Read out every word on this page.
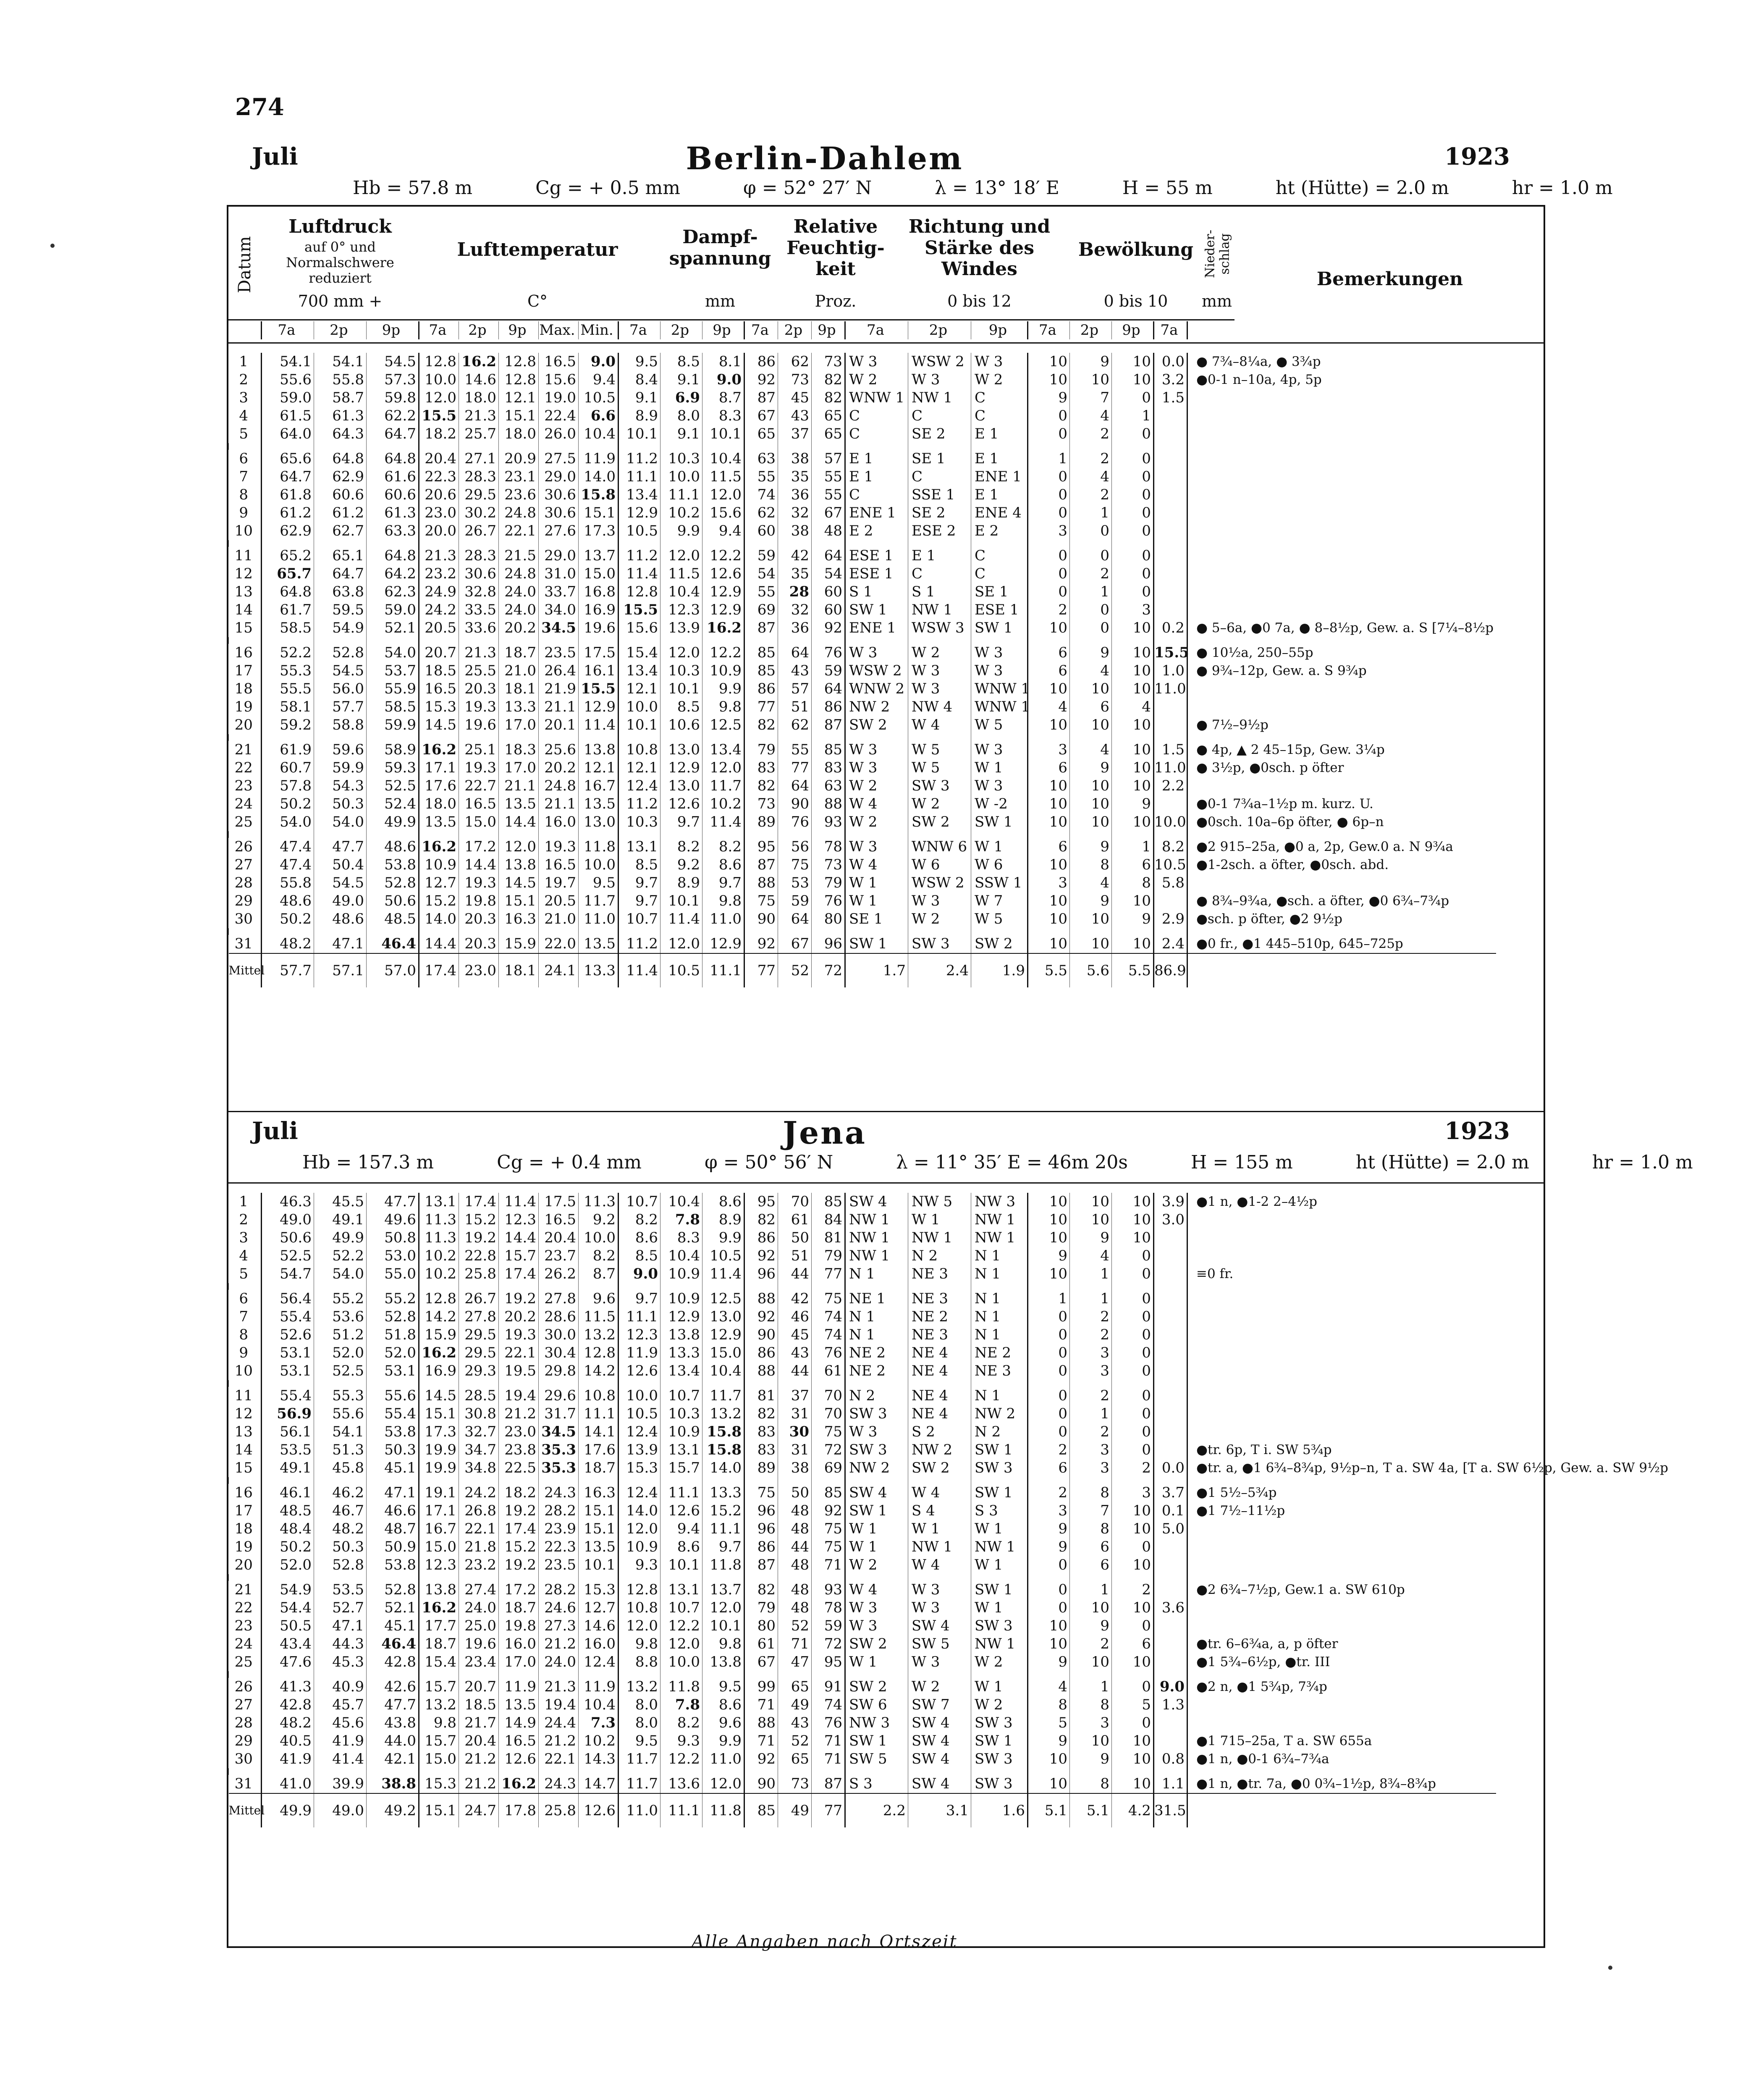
274
Juli	Berlin-Dahlem	1923
Hb = 57.8 m	Cg = + 0.5 mm	φ = 52° 27′ N	λ = 13° 18′ E	H = 55 m	ht (Hütte) = 2.0 m	hr = 1.0 m
Datum
Luftdruck
auf 0° und Normalschwere reduziert
700 mm +
Lufttemperatur
C°
Dampf-spannung
mm
Relative Feuchtig-keit
Proz.
Richtung und Stärke des Windes
0 bis 12
Bewölkung
0 bis 10
Nieder-schlag
mm
Bemerkungen
	7a	2p	9p	7a	2p	9p	Max.	Min.	7a	2p	9p	7a	2p	9p	7a	2p	9p	7a	2p	9p	7a	
1	54.1	54.1	54.5	12.8	16.2	12.8	16.5	9.0	9.5	8.5	8.1	86	62	73	W 3	WSW 2	W 3	10	9	10	0.0	● 7¾–8¼a, ● 3¾p
2	55.6	55.8	57.3	10.0	14.6	12.8	15.6	9.4	8.4	9.1	9.0	92	73	82	W 2	W 3	W 2	10	10	10	3.2	●0-1 n–10a, 4p, 5p
3	59.0	58.7	59.8	12.0	18.0	12.1	19.0	10.5	9.1	6.9	8.7	87	45	82	WNW 1	NW 1	C	9	7	0	1.5	
4	61.5	61.3	62.2	15.5	21.3	15.1	22.4	6.6	8.9	8.0	8.3	67	43	65	C	C	C	0	4	1		
5	64.0	64.3	64.7	18.2	25.7	18.0	26.0	10.4	10.1	9.1	10.1	65	37	65	C	SE 2	E 1	0	2	0		

6	65.6	64.8	64.8	20.4	27.1	20.9	27.5	11.9	11.2	10.3	10.4	63	38	57	E 1	SE 1	E 1	1	2	0		
7	64.7	62.9	61.6	22.3	28.3	23.1	29.0	14.0	11.1	10.0	11.5	55	35	55	E 1	C	ENE 1	0	4	0		
8	61.8	60.6	60.6	20.6	29.5	23.6	30.6	15.8	13.4	11.1	12.0	74	36	55	C	SSE 1	E 1	0	2	0		
9	61.2	61.2	61.3	23.0	30.2	24.8	30.6	15.1	12.9	10.2	15.6	62	32	67	ENE 1	SE 2	ENE 4	0	1	0		
10	62.9	62.7	63.3	20.0	26.7	22.1	27.6	17.3	10.5	9.9	9.4	60	38	48	E 2	ESE 2	E 2	3	0	0		

11	65.2	65.1	64.8	21.3	28.3	21.5	29.0	13.7	11.2	12.0	12.2	59	42	64	ESE 1	E 1	C	0	0	0		
12	65.7	64.7	64.2	23.2	30.6	24.8	31.0	15.0	11.4	11.5	12.6	54	35	54	ESE 1	C	C	0	2	0		
13	64.8	63.8	62.3	24.9	32.8	24.0	33.7	16.8	12.8	10.4	12.9	55	28	60	S 1	S 1	SE 1	0	1	0		
14	61.7	59.5	59.0	24.2	33.5	24.0	34.0	16.9	15.5	12.3	12.9	69	32	60	SW 1	NW 1	ESE 1	2	0	3		
15	58.5	54.9	52.1	20.5	33.6	20.2	34.5	19.6	15.6	13.9	16.2	87	36	92	ENE 1	WSW 3	SW 1	10	0	10	0.2	● 5–6a, ●0 7a, ● 8–8½p, Gew. a. S [7¼–8½p

16	52.2	52.8	54.0	20.7	21.3	18.7	23.5	17.5	15.4	12.0	12.2	85	64	76	W 3	W 2	W 3	6	9	10	15.5	● 10½a, 250–55p
17	55.3	54.5	53.7	18.5	25.5	21.0	26.4	16.1	13.4	10.3	10.9	85	43	59	WSW 2	W 3	W 3	6	4	10	1.0	● 9¾–12p, Gew. a. S 9¾p
18	55.5	56.0	55.9	16.5	20.3	18.1	21.9	15.5	12.1	10.1	9.9	86	57	64	WNW 2	W 3	WNW 1	10	10	10	11.0	
19	58.1	57.7	58.5	15.3	19.3	13.3	21.1	12.9	10.0	8.5	9.8	77	51	86	NW 2	NW 4	WNW 1	4	6	4		
20	59.2	58.8	59.9	14.5	19.6	17.0	20.1	11.4	10.1	10.6	12.5	82	62	87	SW 2	W 4	W 5	10	10	10		● 7½–9½p

21	61.9	59.6	58.9	16.2	25.1	18.3	25.6	13.8	10.8	13.0	13.4	79	55	85	W 3	W 5	W 3	3	4	10	1.5	● 4p, ▲ 2 45–15p, Gew. 3¼p
22	60.7	59.9	59.3	17.1	19.3	17.0	20.2	12.1	12.1	12.9	12.0	83	77	83	W 3	W 5	W 1	6	9	10	11.0	● 3½p, ●0sch. p öfter
23	57.8	54.3	52.5	17.6	22.7	21.1	24.8	16.7	12.4	13.0	11.7	82	64	63	W 2	SW 3	W 3	10	10	10	2.2	
24	50.2	50.3	52.4	18.0	16.5	13.5	21.1	13.5	11.2	12.6	10.2	73	90	88	W 4	W 2	W -2	10	10	9		●0-1 7¾a–1½p m. kurz. U.
25	54.0	54.0	49.9	13.5	15.0	14.4	16.0	13.0	10.3	9.7	11.4	89	76	93	W 2	SW 2	SW 1	10	10	10	10.0	●0sch. 10a–6p öfter, ● 6p–n

26	47.4	47.7	48.6	16.2	17.2	12.0	19.3	11.8	13.1	8.2	8.2	95	56	78	W 3	WNW 6	W 1	6	9	1	8.2	●2 915–25a, ●0 a, 2p, Gew.0 a. N 9¾a
27	47.4	50.4	53.8	10.9	14.4	13.8	16.5	10.0	8.5	9.2	8.6	87	75	73	W 4	W 6	W 6	10	8	6	10.5	●1-2sch. a öfter, ●0sch. abd.
28	55.8	54.5	52.8	12.7	19.3	14.5	19.7	9.5	9.7	8.9	9.7	88	53	79	W 1	WSW 2	SSW 1	3	4	8	5.8	
29	48.6	49.0	50.6	15.2	19.8	15.1	20.5	11.7	9.7	10.1	9.8	75	59	76	W 1	W 3	W 7	10	9	10		● 8¾–9¾a, ●sch. a öfter, ●0 6¾–7¾p
30	50.2	48.6	48.5	14.0	20.3	16.3	21.0	11.0	10.7	11.4	11.0	90	64	80	SE 1	W 2	W 5	10	10	9	2.9	●sch. p öfter, ●2 9½p

31	48.2	47.1	46.4	14.4	20.3	15.9	22.0	13.5	11.2	12.0	12.9	92	67	96	SW 1	SW 3	SW 2	10	10	10	2.4	●0 fr., ●1 445–510p, 645–725p
Mittel	57.7	57.1	57.0	17.4	23.0	18.1	24.1	13.3	11.4	10.5	11.1	77	52	72	1.7	2.4	1.9	5.5	5.6	5.5	86.9	
Juli	Jena	1923
Hb = 157.3 m	Cg = + 0.4 mm	φ = 50° 56′ N	λ = 11° 35′ E = 46m 20s	H = 155 m	ht (Hütte) = 2.0 m	hr = 1.0 m
1	46.3	45.5	47.7	13.1	17.4	11.4	17.5	11.3	10.7	10.4	8.6	95	70	85	SW 4	NW 5	NW 3	10	10	10	3.9	●1 n, ●1-2 2–4½p
2	49.0	49.1	49.6	11.3	15.2	12.3	16.5	9.2	8.2	7.8	8.9	82	61	84	NW 1	W 1	NW 1	10	10	10	3.0	
3	50.6	49.9	50.8	11.3	19.2	14.4	20.4	10.0	8.6	8.3	9.9	86	50	81	NW 1	NW 1	NW 1	10	9	10		
4	52.5	52.2	53.0	10.2	22.8	15.7	23.7	8.2	8.5	10.4	10.5	92	51	79	NW 1	N 2	N 1	9	4	0		
5	54.7	54.0	55.0	10.2	25.8	17.4	26.2	8.7	9.0	10.9	11.4	96	44	77	N 1	NE 3	N 1	10	1	0		≡0 fr.

6	56.4	55.2	55.2	12.8	26.7	19.2	27.8	9.6	9.7	10.9	12.5	88	42	75	NE 1	NE 3	N 1	1	1	0		
7	55.4	53.6	52.8	14.2	27.8	20.2	28.6	11.5	11.1	12.9	13.0	92	46	74	N 1	NE 2	N 1	0	2	0		
8	52.6	51.2	51.8	15.9	29.5	19.3	30.0	13.2	12.3	13.8	12.9	90	45	74	N 1	NE 3	N 1	0	2	0		
9	53.1	52.0	52.0	16.2	29.5	22.1	30.4	12.8	11.9	13.3	15.0	86	43	76	NE 2	NE 4	NE 2	0	3	0		
10	53.1	52.5	53.1	16.9	29.3	19.5	29.8	14.2	12.6	13.4	10.4	88	44	61	NE 2	NE 4	NE 3	0	3	0		

11	55.4	55.3	55.6	14.5	28.5	19.4	29.6	10.8	10.0	10.7	11.7	81	37	70	N 2	NE 4	N 1	0	2	0		
12	56.9	55.6	55.4	15.1	30.8	21.2	31.7	11.1	10.5	10.3	13.2	82	31	70	SW 3	NE 4	NW 2	0	1	0		
13	56.1	54.1	53.8	17.3	32.7	23.0	34.5	14.1	12.4	10.9	15.8	83	30	75	W 3	S 2	N 2	0	2	0		
14	53.5	51.3	50.3	19.9	34.7	23.8	35.3	17.6	13.9	13.1	15.8	83	31	72	SW 3	NW 2	SW 1	2	3	0		●tr. 6p, T i. SW 5¾p
15	49.1	45.8	45.1	19.9	34.8	22.5	35.3	18.7	15.3	15.7	14.0	89	38	69	NW 2	SW 2	SW 3	6	3	2	0.0	●tr. a, ●1 6¾–8¾p, 9½p–n, T a. SW 4a, [T a. SW 6½p, Gew. a. SW 9½p

16	46.1	46.2	47.1	19.1	24.2	18.2	24.3	16.3	12.4	11.1	13.3	75	50	85	SW 4	W 4	SW 1	2	8	3	3.7	●1 5½–5¾p
17	48.5	46.7	46.6	17.1	26.8	19.2	28.2	15.1	14.0	12.6	15.2	96	48	92	SW 1	S 4	S 3	3	7	10	0.1	●1 7½–11½p
18	48.4	48.2	48.7	16.7	22.1	17.4	23.9	15.1	12.0	9.4	11.1	96	48	75	W 1	W 1	W 1	9	8	10	5.0	
19	50.2	50.3	50.9	15.0	21.8	15.2	22.3	13.5	10.9	8.6	9.7	86	44	75	W 1	NW 1	NW 1	9	6	0		
20	52.0	52.8	53.8	12.3	23.2	19.2	23.5	10.1	9.3	10.1	11.8	87	48	71	W 2	W 4	W 1	0	6	10		

21	54.9	53.5	52.8	13.8	27.4	17.2	28.2	15.3	12.8	13.1	13.7	82	48	93	W 4	W 3	SW 1	0	1	2		●2 6¾–7½p, Gew.1 a. SW 610p
22	54.4	52.7	52.1	16.2	24.0	18.7	24.6	12.7	10.8	10.7	12.0	79	48	78	W 3	W 3	W 1	0	10	10	3.6	
23	50.5	47.1	45.1	17.7	25.0	19.8	27.3	14.6	12.0	12.2	10.1	80	52	59	W 3	SW 4	SW 3	10	9	0		
24	43.4	44.3	46.4	18.7	19.6	16.0	21.2	16.0	9.8	12.0	9.8	61	71	72	SW 2	SW 5	NW 1	10	2	6		●tr. 6–6¾a, a, p öfter
25	47.6	45.3	42.8	15.4	23.4	17.0	24.0	12.4	8.8	10.0	13.8	67	47	95	W 1	W 3	W 2	9	10	10		●1 5¾–6½p, ●tr. III

26	41.3	40.9	42.6	15.7	20.7	11.9	21.3	11.9	13.2	11.8	9.5	99	65	91	SW 2	W 2	W 1	4	1	0	9.0	●2 n, ●1 5¾p, 7¾p
27	42.8	45.7	47.7	13.2	18.5	13.5	19.4	10.4	8.0	7.8	8.6	71	49	74	SW 6	SW 7	W 2	8	8	5	1.3	
28	48.2	45.6	43.8	9.8	21.7	14.9	24.4	7.3	8.0	8.2	9.6	88	43	76	NW 3	SW 4	SW 3	5	3	0		
29	40.5	41.9	44.0	15.7	20.4	16.5	21.2	10.2	9.5	9.3	9.9	71	52	71	SW 1	SW 4	SW 1	9	10	10		●1 715–25a, T a. SW 655a
30	41.9	41.4	42.1	15.0	21.2	12.6	22.1	14.3	11.7	12.2	11.0	92	65	71	SW 5	SW 4	SW 3	10	9	10	0.8	●1 n, ●0-1 6¾–7¾a

31	41.0	39.9	38.8	15.3	21.2	16.2	24.3	14.7	11.7	13.6	12.0	90	73	87	S 3	SW 4	SW 3	10	8	10	1.1	●1 n, ●tr. 7a, ●0 0¾–1½p, 8¾–8¾p
Mittel	49.9	49.0	49.2	15.1	24.7	17.8	25.8	12.6	11.0	11.1	11.8	85	49	77	2.2	3.1	1.6	5.1	5.1	4.2	31.5	
Alle Angaben nach Ortszeit
